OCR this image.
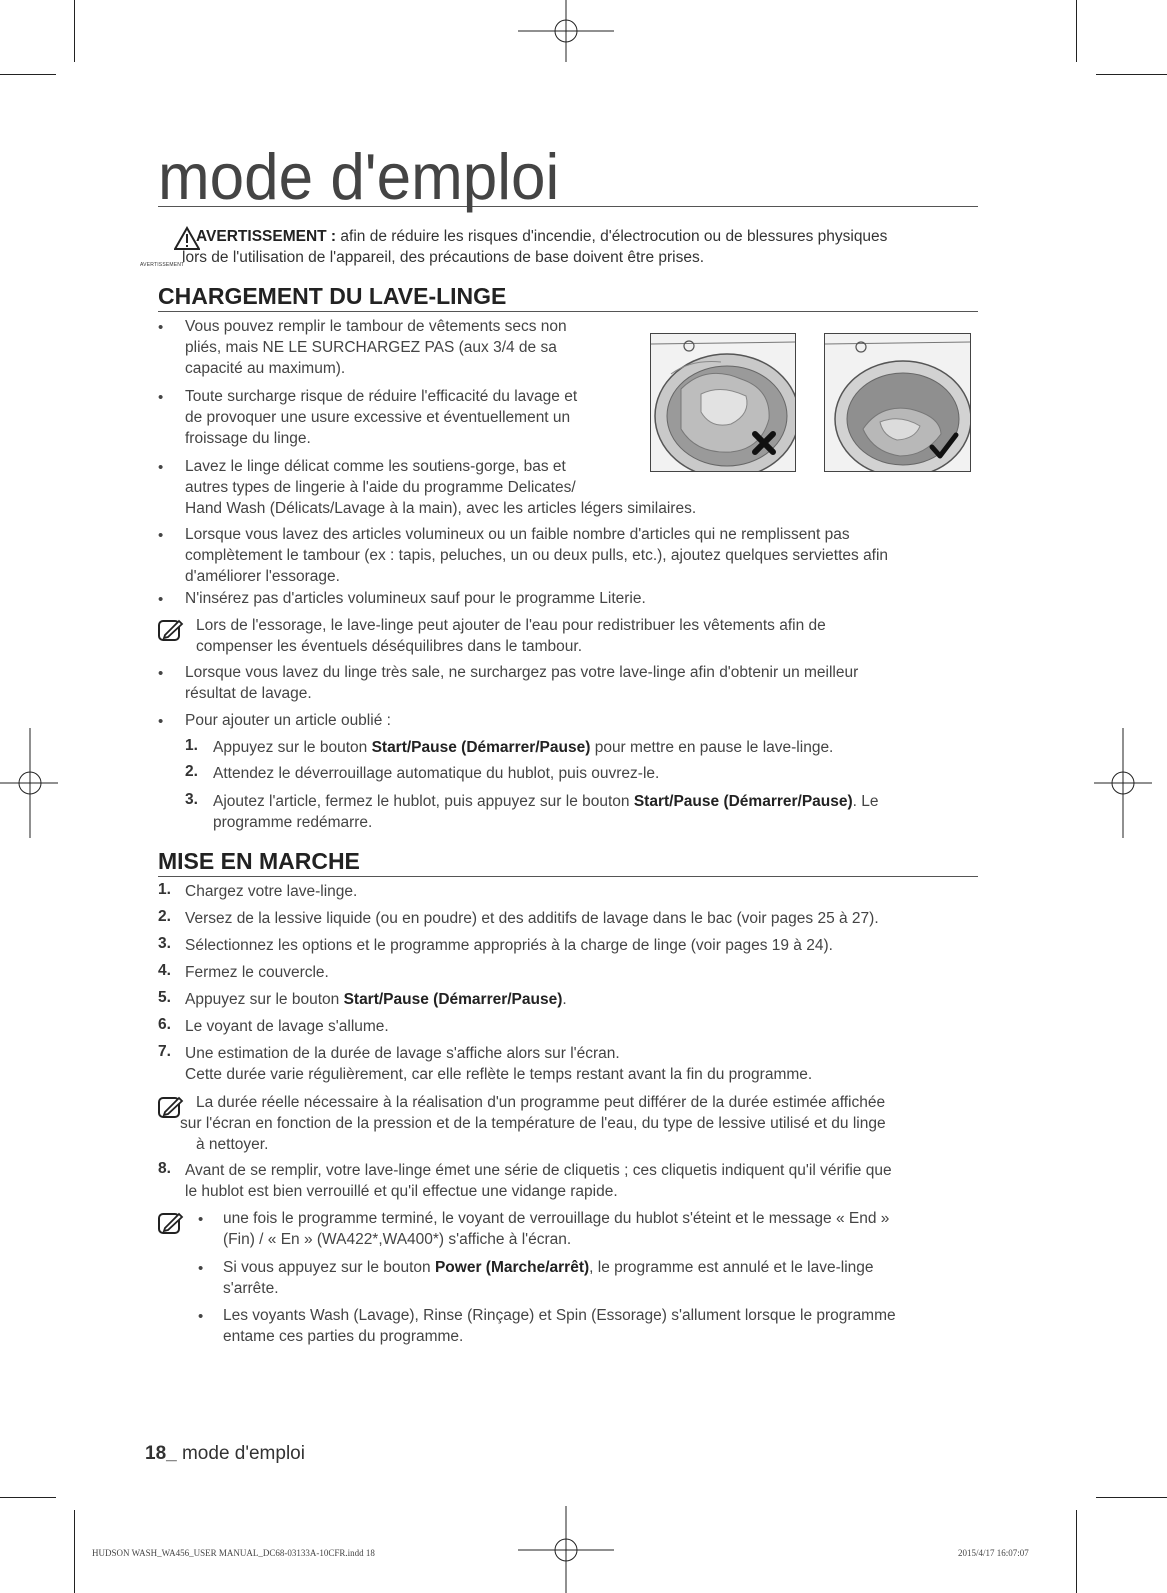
mode d'emploi
AVERTISSEMENT
AVERTISSEMENT : afin de réduire les risques d'incendie, d'électrocution ou de blessures physiques
lors de l'utilisation de l'appareil, des précautions de base doivent être prises.
CHARGEMENT DU LAVE-LINGE
• Vous pouvez remplir le tambour de vêtements secs non
pliés, mais NE LE SURCHARGEZ PAS (aux 3/4 de sa
capacité au maximum).
• Toute surcharge risque de réduire l'efficacité du lavage et
de provoquer une usure excessive et éventuellement un
froissage du linge.
• Lavez le linge délicat comme les soutiens-gorge, bas et
autres types de lingerie à l'aide du programme Delicates/
Hand Wash (Délicats/Lavage à la main), avec les articles légers similaires.
• Lorsque vous lavez des articles volumineux ou un faible nombre d'articles qui ne remplissent pas
complètement le tambour (ex : tapis, peluches, un ou deux pulls, etc.), ajoutez quelques serviettes afin
d'améliorer l'essorage.
• N'insérez pas d'articles volumineux sauf pour le programme Literie.
Lors de l'essorage, le lave-linge peut ajouter de l'eau pour redistribuer les vêtements afin de
compenser les éventuels déséquilibres dans le tambour.
• Lorsque vous lavez du linge très sale, ne surchargez pas votre lave-linge afin d'obtenir un meilleur
résultat de lavage.
• Pour ajouter un article oublié :
1. Appuyez sur le bouton Start/Pause (Démarrer/Pause) pour mettre en pause le lave-linge.
2. Attendez le déverrouillage automatique du hublot, puis ouvrez-le.
3. Ajoutez l'article, fermez le hublot, puis appuyez sur le bouton Start/Pause (Démarrer/Pause). Le
programme redémarre.
MISE EN MARCHE
1. Chargez votre lave-linge.
2. Versez de la lessive liquide (ou en poudre) et des additifs de lavage dans le bac (voir pages 25 à 27).
3. Sélectionnez les options et le programme appropriés à la charge de linge (voir pages 19 à 24).
4. Fermez le couvercle.
5. Appuyez sur le bouton Start/Pause (Démarrer/Pause).
6. Le voyant de lavage s'allume.
7. Une estimation de la durée de lavage s'affiche alors sur l'écran.
Cette durée varie régulièrement, car elle reflète le temps restant avant la fin du programme.
La durée réelle nécessaire à la réalisation d'un programme peut différer de la durée estimée affichée
sur l'écran en fonction de la pression et de la température de l'eau, du type de lessive utilisé et du linge
à nettoyer.
8. Avant de se remplir, votre lave-linge émet une série de cliquetis ; ces cliquetis indiquent qu'il vérifie que
le hublot est bien verrouillé et qu'il effectue une vidange rapide.
• une fois le programme terminé, le voyant de verrouillage du hublot s'éteint et le message « End »
(Fin) / « En » (WA422*,WA400*) s'affiche à l'écran.
• Si vous appuyez sur le bouton Power (Marche/arrêt), le programme est annulé et le lave-linge
s'arrête.
• Les voyants Wash (Lavage), Rinse (Rinçage) et Spin (Essorage) s'allument lorsque le programme
entame ces parties du programme.
18_ mode d'emploi
HUDSON WASH_WA456_USER MANUAL_DC68-03133A-10CFR.indd 18	2015/4/17 16:07:07
